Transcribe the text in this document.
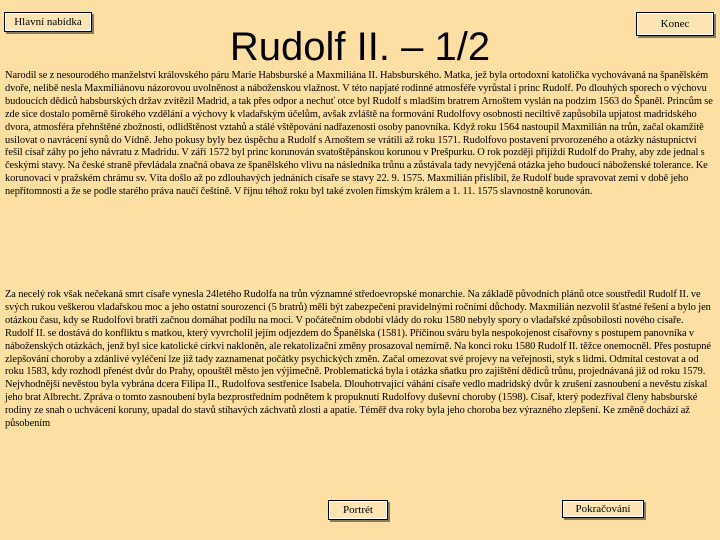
Hlavní nabídka	Konec
Rudolf II. – 1/2
Narodil se z nesourodého manželství královského páru Marie Habsburské a Maxmiliána II. Habsburského. Matka, jež byla ortodoxní katolička vychovávaná na španělském dvoře, nelibě nesla Maxmiliánovu názorovou uvolněnost a náboženskou vlažnost. V této napjaté rodinné atmosféře vyrůstal i princ Rudolf. Po dlouhých sporech o výchovu budoucích dědiců habsburských držav zvítězil Madrid, a tak přes odpor a nechuť otce byl Rudolf s mladším bratrem Arnoštem vyslán na podzim 1563 do Španěl. Princům se zde sice dostalo poměrně širokého vzdělání a výchovy k vladařským účelům, avšak zvláště na formování Rudolfovy osobnosti neciltivě zapůsobila upjatost madridského dvora, atmosféra přehnštěné zbožnosti, odlidštěnost vztahů a stálé vštěpování nadřazenosti osoby panovníka. Když roku 1564 nastoupil Maxmilián na trůn, začal okamžitě usilovat o navrácení synů do Vídně. Jeho pokusy byly bez úspěchu a Rudolf s Arnoštem se vrátili až roku 1571. Rudolfovo postavení prvorozeného a otázky nástupnictví řešil císař záhy po jeho návratu z Madridu. V září 1572 byl princ korunován svatoštěpánskou korunou v Prešpurku. O rok později přijíždí Rudolf do Prahy, aby zde jednal s českými stavy. Na české straně převládala značná obava ze španělského vlivu na následníka trůnu a zůstávala tady nevyjčená otázka jeho budoucí náboženské tolerance. Ke korunovaci v pražském chrámu sv. Víta došlo až po zdlouhavých jednáních císaře se stavy 22. 9. 1575. Maxmilián přislíbil, že Rudolf bude spravovat zemi v době jeho nepřítomnosti a že se podle starého práva naučí češtině. V říjnu téhož roku byl také zvolen římským králem a 1. 11. 1575 slavnostně korunován.
Za necelý rok však nečekaná smrt císaře vynesla 24letého Rudolfa na trůn významné středoevropské monarchie. Na základě původních plánů otce soustředil Rudolf II. ve svých rukou veškerou vladařskou moc a jeho ostatní sourozenci (5 bratrů) měli být zabezpečeni pravidelnými ročními důchody. Maxmilián nezvolil šťastné řešení a bylo jen otázkou času, kdy se Rudolfovi bratři začnou domáhat podílu na moci. V počátečním období vlády do roku 1580 nebyly spory o vladařské způsobilosti nového císaře. Rudolf II. se dostává do konfliktu s matkou, který vyvrcholil jejím odjezdem do Španělska (1581). Příčinou sváru byla nespokojenost císařovny s postupem panovníka v náboženských otázkách, jenž byl sice katolické církvi nakloněn, ale rekatolizační změny prosazoval nemírně. Na konci roku 1580 Rudolf II. těžce onemocněl. Přes postupné zlepšování choroby a zdánlivé vyléčení lze již tady zaznamenat počátky psychických změn. Začal omezovat své projevy na veřejnosti, styk s lidmi. Odmítal cestovat a od roku 1583, kdy rozhodl přenést dvůr do Prahy, opouštěl město jen výjimečně. Problematická byla i otázka sňatku pro zajištění dědiců trůnu, projednávaná již od roku 1579. Nejvhodnější nevěstou byla vybrána dcera Filipa II., Rudolfova sestřenice Isabela. Dlouhotrvající váhání císaře vedlo madridský dvůr k zrušení zasnoubení a nevěstu získal jeho brat Albrecht. Zpráva o tomto zasnoubení byla bezprostředním podnětem k propuknutí Rudolfovy duševní choroby (1598). Císař, který podezříval členy habsburské rodiny ze snah o uchvácení koruny, upadal do stavů stíhavých záchvatů zlosti a apatie. Téměř dva roky byla jeho choroba bez výrazného zlepšení. Ke změně dochází až působením
Portrét	Pokračování
